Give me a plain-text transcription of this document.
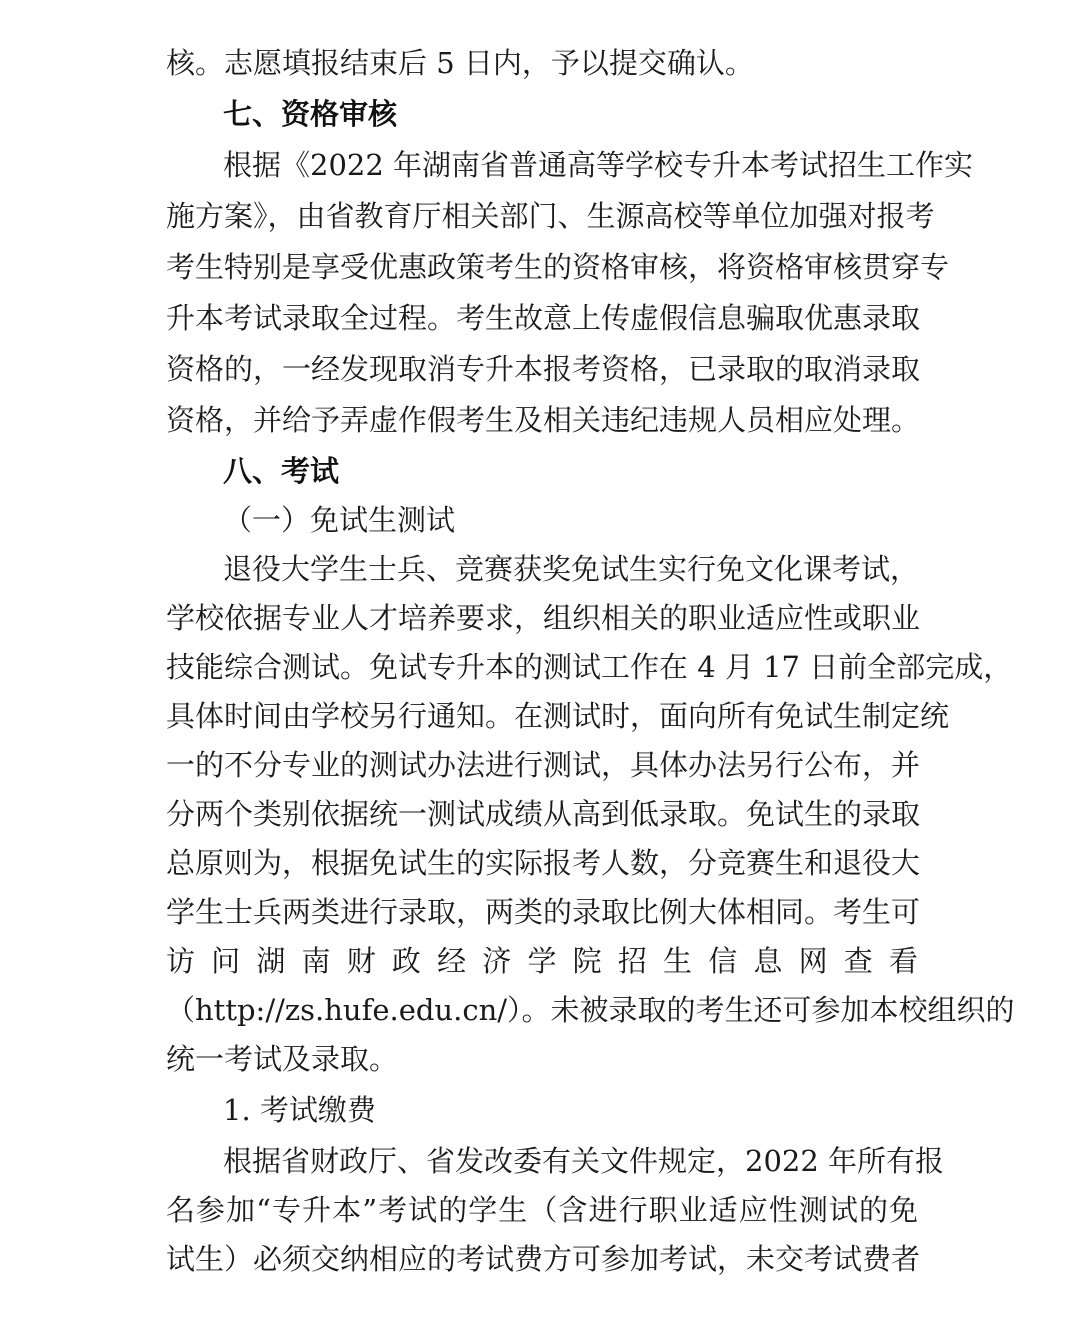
核。志愿填报结束后 5 日内，予以提交确认。
七、资格审核
根据《2022 年湖南省普通高等学校专升本考试招生工作实
施方案》，由省教育厅相关部门、生源高校等单位加强对报考
考生特别是享受优惠政策考生的资格审核，将资格审核贯穿专
升本考试录取全过程。考生故意上传虚假信息骗取优惠录取
资格的，一经发现取消专升本报考资格，已录取的取消录取
资格，并给予弄虚作假考生及相关违纪违规人员相应处理。
八、考试
（一）免试生测试
退役大学生士兵、竞赛获奖免试生实行免文化课考试，
学校依据专业人才培养要求，组织相关的职业适应性或职业
技能综合测试。免试专升本的测试工作在 4 月 17 日前全部完成，
具体时间由学校另行通知。在测试时，面向所有免试生制定统
一的不分专业的测试办法进行测试，具体办法另行公布，并
分两个类别依据统一测试成绩从高到低录取。免试生的录取
总原则为，根据免试生的实际报考人数，分竞赛生和退役大
学生士兵两类进行录取，两类的录取比例大体相同。考生可
访问湖南财政经济学院招生信息网查看
（http://zs.hufe.edu.cn/）。未被录取的考生还可参加本校组织的
统一考试及录取。
1. 考试缴费
根据省财政厅、省发改委有关文件规定，2022 年所有报
名参加“专升本”考试的学生（含进行职业适应性测试的免
试生）必须交纳相应的考试费方可参加考试，未交考试费者
